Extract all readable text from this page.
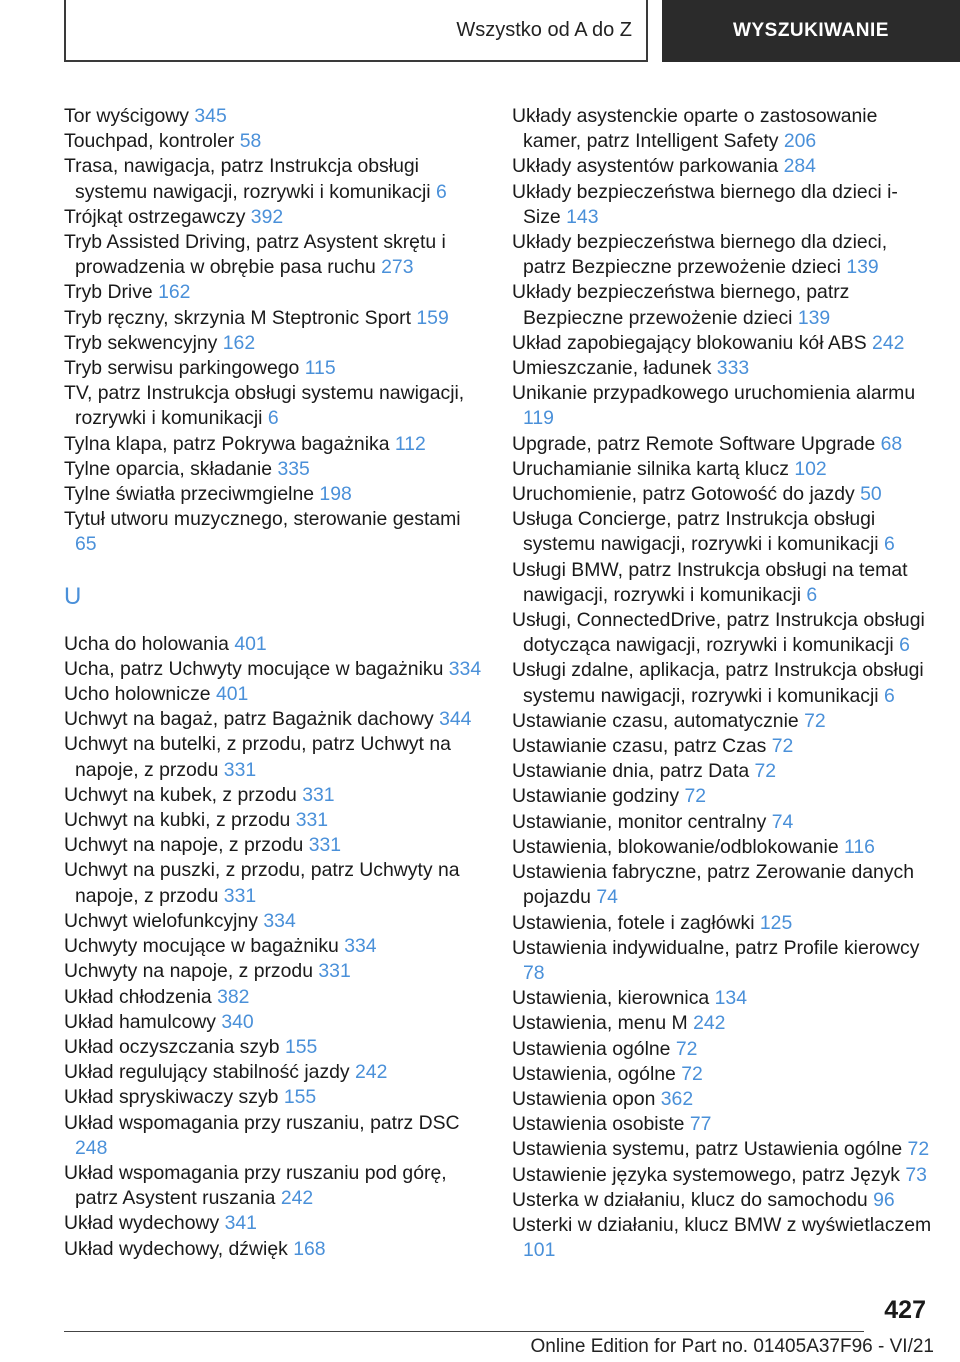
Wszystko od A do Z	WYSZUKIWANIE

Tor wyścigowy 345

Touchpad, kontroler 58

Trasa, nawigacja, patrz Instrukcja obsługi systemu nawigacji, rozrywki i komunikacji 6

Trójkąt ostrzegawczy 392

Tryb Assisted Driving, patrz Asystent skrętu i prowadzenia w obrębie pasa ruchu 273

Tryb Drive 162

Tryb ręczny, skrzynia M Steptronic Sport 159

Tryb sekwencyjny 162

Tryb serwisu parkingowego 115

TV, patrz Instrukcja obsługi systemu nawigacji, rozrywki i komunikacji 6

Tylna klapa, patrz Pokrywa bagażnika 112

Tylne oparcia, składanie 335

Tylne światła przeciwmgielne 198

Tytuł utworu muzycznego, sterowanie gestami 65

U

Ucha do holowania 401

Ucha, patrz Uchwyty mocujące w bagażniku 334

Ucho holownicze 401

Uchwyt na bagaż, patrz Bagażnik dachowy 344

Uchwyt na butelki, z przodu, patrz Uchwyt na napoje, z przodu 331

Uchwyt na kubek, z przodu 331

Uchwyt na kubki, z przodu 331

Uchwyt na napoje, z przodu 331

Uchwyt na puszki, z przodu, patrz Uchwyty na napoje, z przodu 331

Uchwyt wielofunkcyjny 334

Uchwyty mocujące w bagażniku 334

Uchwyty na napoje, z przodu 331

Układ chłodzenia 382

Układ hamulcowy 340

Układ oczyszczania szyb 155

Układ regulujący stabilność jazdy 242

Układ spryskiwaczy szyb 155

Układ wspomagania przy ruszaniu, patrz DSC 248

Układ wspomagania przy ruszaniu pod górę, patrz Asystent ruszania 242

Układ wydechowy 341

Układ wydechowy, dźwięk 168

Układy asystenckie oparte o zastosowanie kamer, patrz Intelligent Safety 206

Układy asystentów parkowania 284

Układy bezpieczeństwa biernego dla dzieci i-Size 143

Układy bezpieczeństwa biernego dla dzieci, patrz Bezpieczne przewożenie dzieci 139

Układy bezpieczeństwa biernego, patrz Bezpieczne przewożenie dzieci 139

Układ zapobiegający blokowaniu kół ABS 242

Umieszczanie, ładunek 333

Unikanie przypadkowego uruchomienia alarmu 119

Upgrade, patrz Remote Software Upgrade 68

Uruchamianie silnika kartą klucz 102

Uruchomienie, patrz Gotowość do jazdy 50

Usługa Concierge, patrz Instrukcja obsługi systemu nawigacji, rozrywki i komunikacji 6

Usługi BMW, patrz Instrukcja obsługi na temat nawigacji, rozrywki i komunikacji 6

Usługi, ConnectedDrive, patrz Instrukcja obsługi dotycząca nawigacji, rozrywki i komunikacji 6

Usługi zdalne, aplikacja, patrz Instrukcja obsługi systemu nawigacji, rozrywki i komunikacji 6

Ustawianie czasu, automatycznie 72

Ustawianie czasu, patrz Czas 72

Ustawianie dnia, patrz Data 72

Ustawianie godziny 72

Ustawianie, monitor centralny 74

Ustawienia, blokowanie/odblokowanie 116

Ustawienia fabryczne, patrz Zerowanie danych pojazdu 74

Ustawienia, fotele i zagłówki 125

Ustawienia indywidualne, patrz Profile kierowcy 78

Ustawienia, kierownica 134

Ustawienia, menu M 242

Ustawienia ogólne 72

Ustawienia, ogólne 72

Ustawienia opon 362

Ustawienia osobiste 77

Ustawienia systemu, patrz Ustawienia ogólne 72

Ustawienie języka systemowego, patrz Język 73

Usterka w działaniu, klucz do samochodu 96

Usterki w działaniu, klucz BMW z wyświetlaczem 101

427
Online Edition for Part no. 01405A37F96 - VI/21
